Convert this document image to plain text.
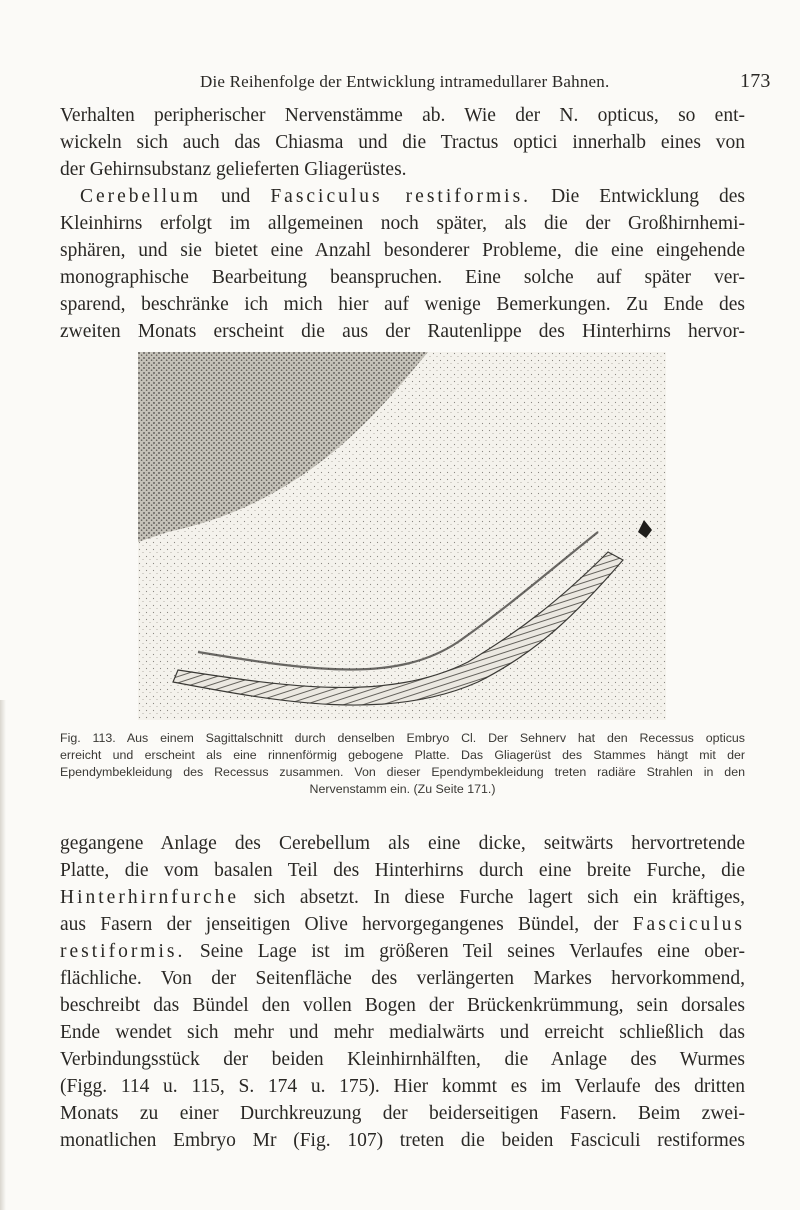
Die Reihenfolge der Entwicklung intramedullarer Bahnen.	173
Verhalten peripherischer Nervenstämme ab. Wie der N. opticus, so ent-
wickeln sich auch das Chiasma und die Tractus optici innerhalb eines von
der Gehirnsubstanz gelieferten Gliagerüstes.
Cerebellum und Fasciculus restiformis. Die Entwicklung des
Kleinhirns erfolgt im allgemeinen noch später, als die der Großhirnhemi-
sphären, und sie bietet eine Anzahl besonderer Probleme, die eine eingehende
monographische Bearbeitung beanspruchen. Eine solche auf später ver-
sparend, beschränke ich mich hier auf wenige Bemerkungen. Zu Ende des
zweiten Monats erscheint die aus der Rautenlippe des Hinterhirns hervor-
Fig. 113. Aus einem Sagittalschnitt durch denselben Embryo Cl. Der Sehnerv hat den Recessus opticus
erreicht und erscheint als eine rinnenförmig gebogene Platte. Das Gliagerüst des Stammes hängt mit der
Ependymbekleidung des Recessus zusammen. Von dieser Ependymbekleidung treten radiäre Strahlen in den
Nervenstamm ein. (Zu Seite 171.)
gegangene Anlage des Cerebellum als eine dicke, seitwärts hervortretende
Platte, die vom basalen Teil des Hinterhirns durch eine breite Furche, die
Hinterhirnfurche sich absetzt. In diese Furche lagert sich ein kräftiges,
aus Fasern der jenseitigen Olive hervorgegangenes Bündel, der Fasciculus
restiformis. Seine Lage ist im größeren Teil seines Verlaufes eine ober-
flächliche. Von der Seitenfläche des verlängerten Markes hervorkommend,
beschreibt das Bündel den vollen Bogen der Brückenkrümmung, sein dorsales
Ende wendet sich mehr und mehr medialwärts und erreicht schließlich das
Verbindungsstück der beiden Kleinhirnhälften, die Anlage des Wurmes
(Figg. 114 u. 115, S. 174 u. 175). Hier kommt es im Verlaufe des dritten
Monats zu einer Durchkreuzung der beiderseitigen Fasern. Beim zwei-
monatlichen Embryo Mr (Fig. 107) treten die beiden Fasciculi restiformes
